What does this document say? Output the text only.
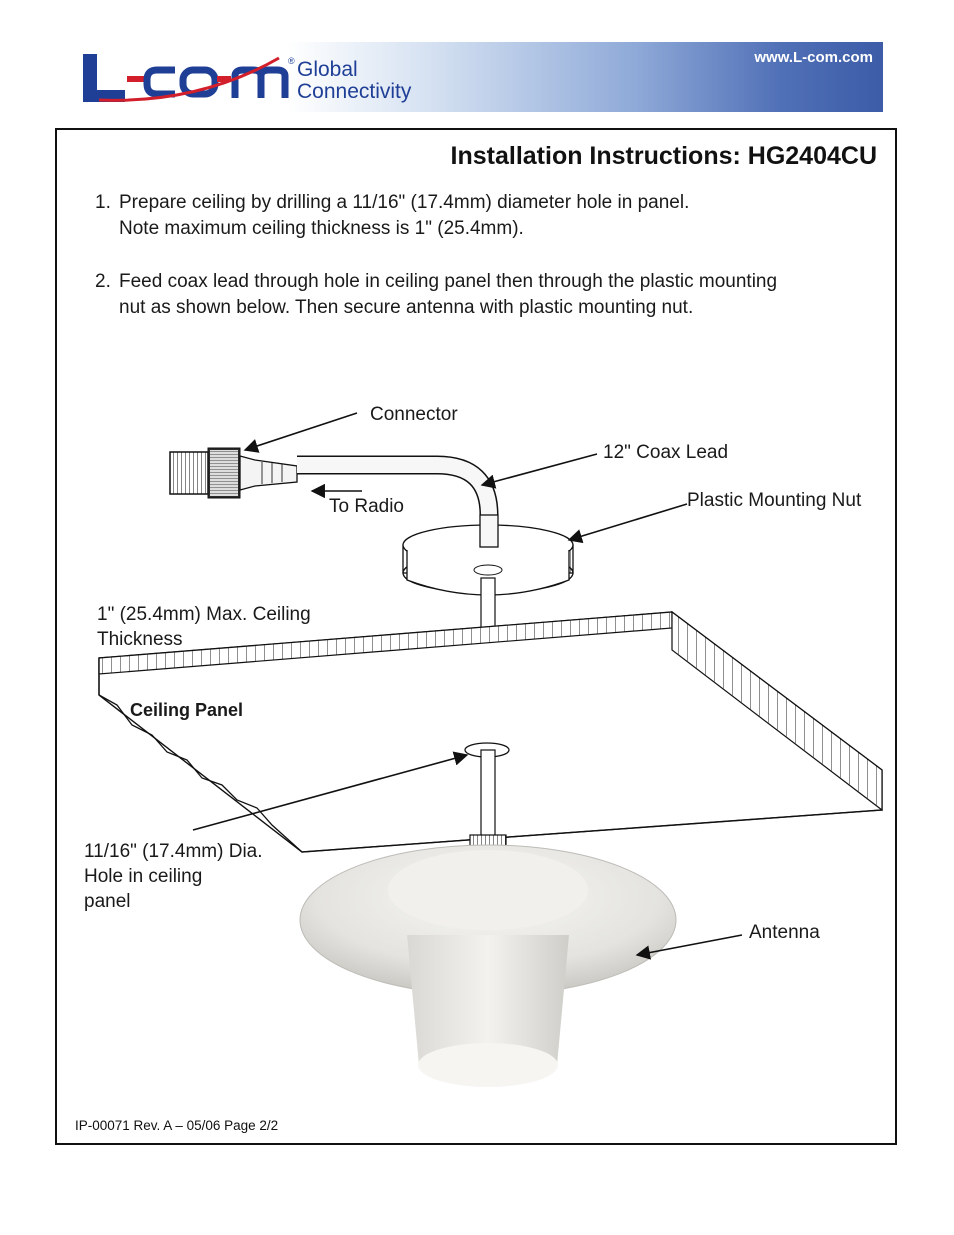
® Global
Connectivity
www.L-com.com
Installation Instructions: HG2404CU
1. Prepare ceiling by drilling a 11/16" (17.4mm) diameter hole in panel.
Note maximum ceiling thickness is 1" (25.4mm).
2. Feed coax lead through hole in ceiling panel then through the plastic mounting
nut as shown below. Then secure antenna with plastic mounting nut.
Connector
12" Coax Lead
To Radio	Plastic Mounting Nut
1" (25.4mm) Max. Ceiling
Thickness
Ceiling Panel
11/16" (17.4mm) Dia.
Hole in ceiling
panel
Antenna
IP-00071 Rev. A – 05/06 Page 2/2
